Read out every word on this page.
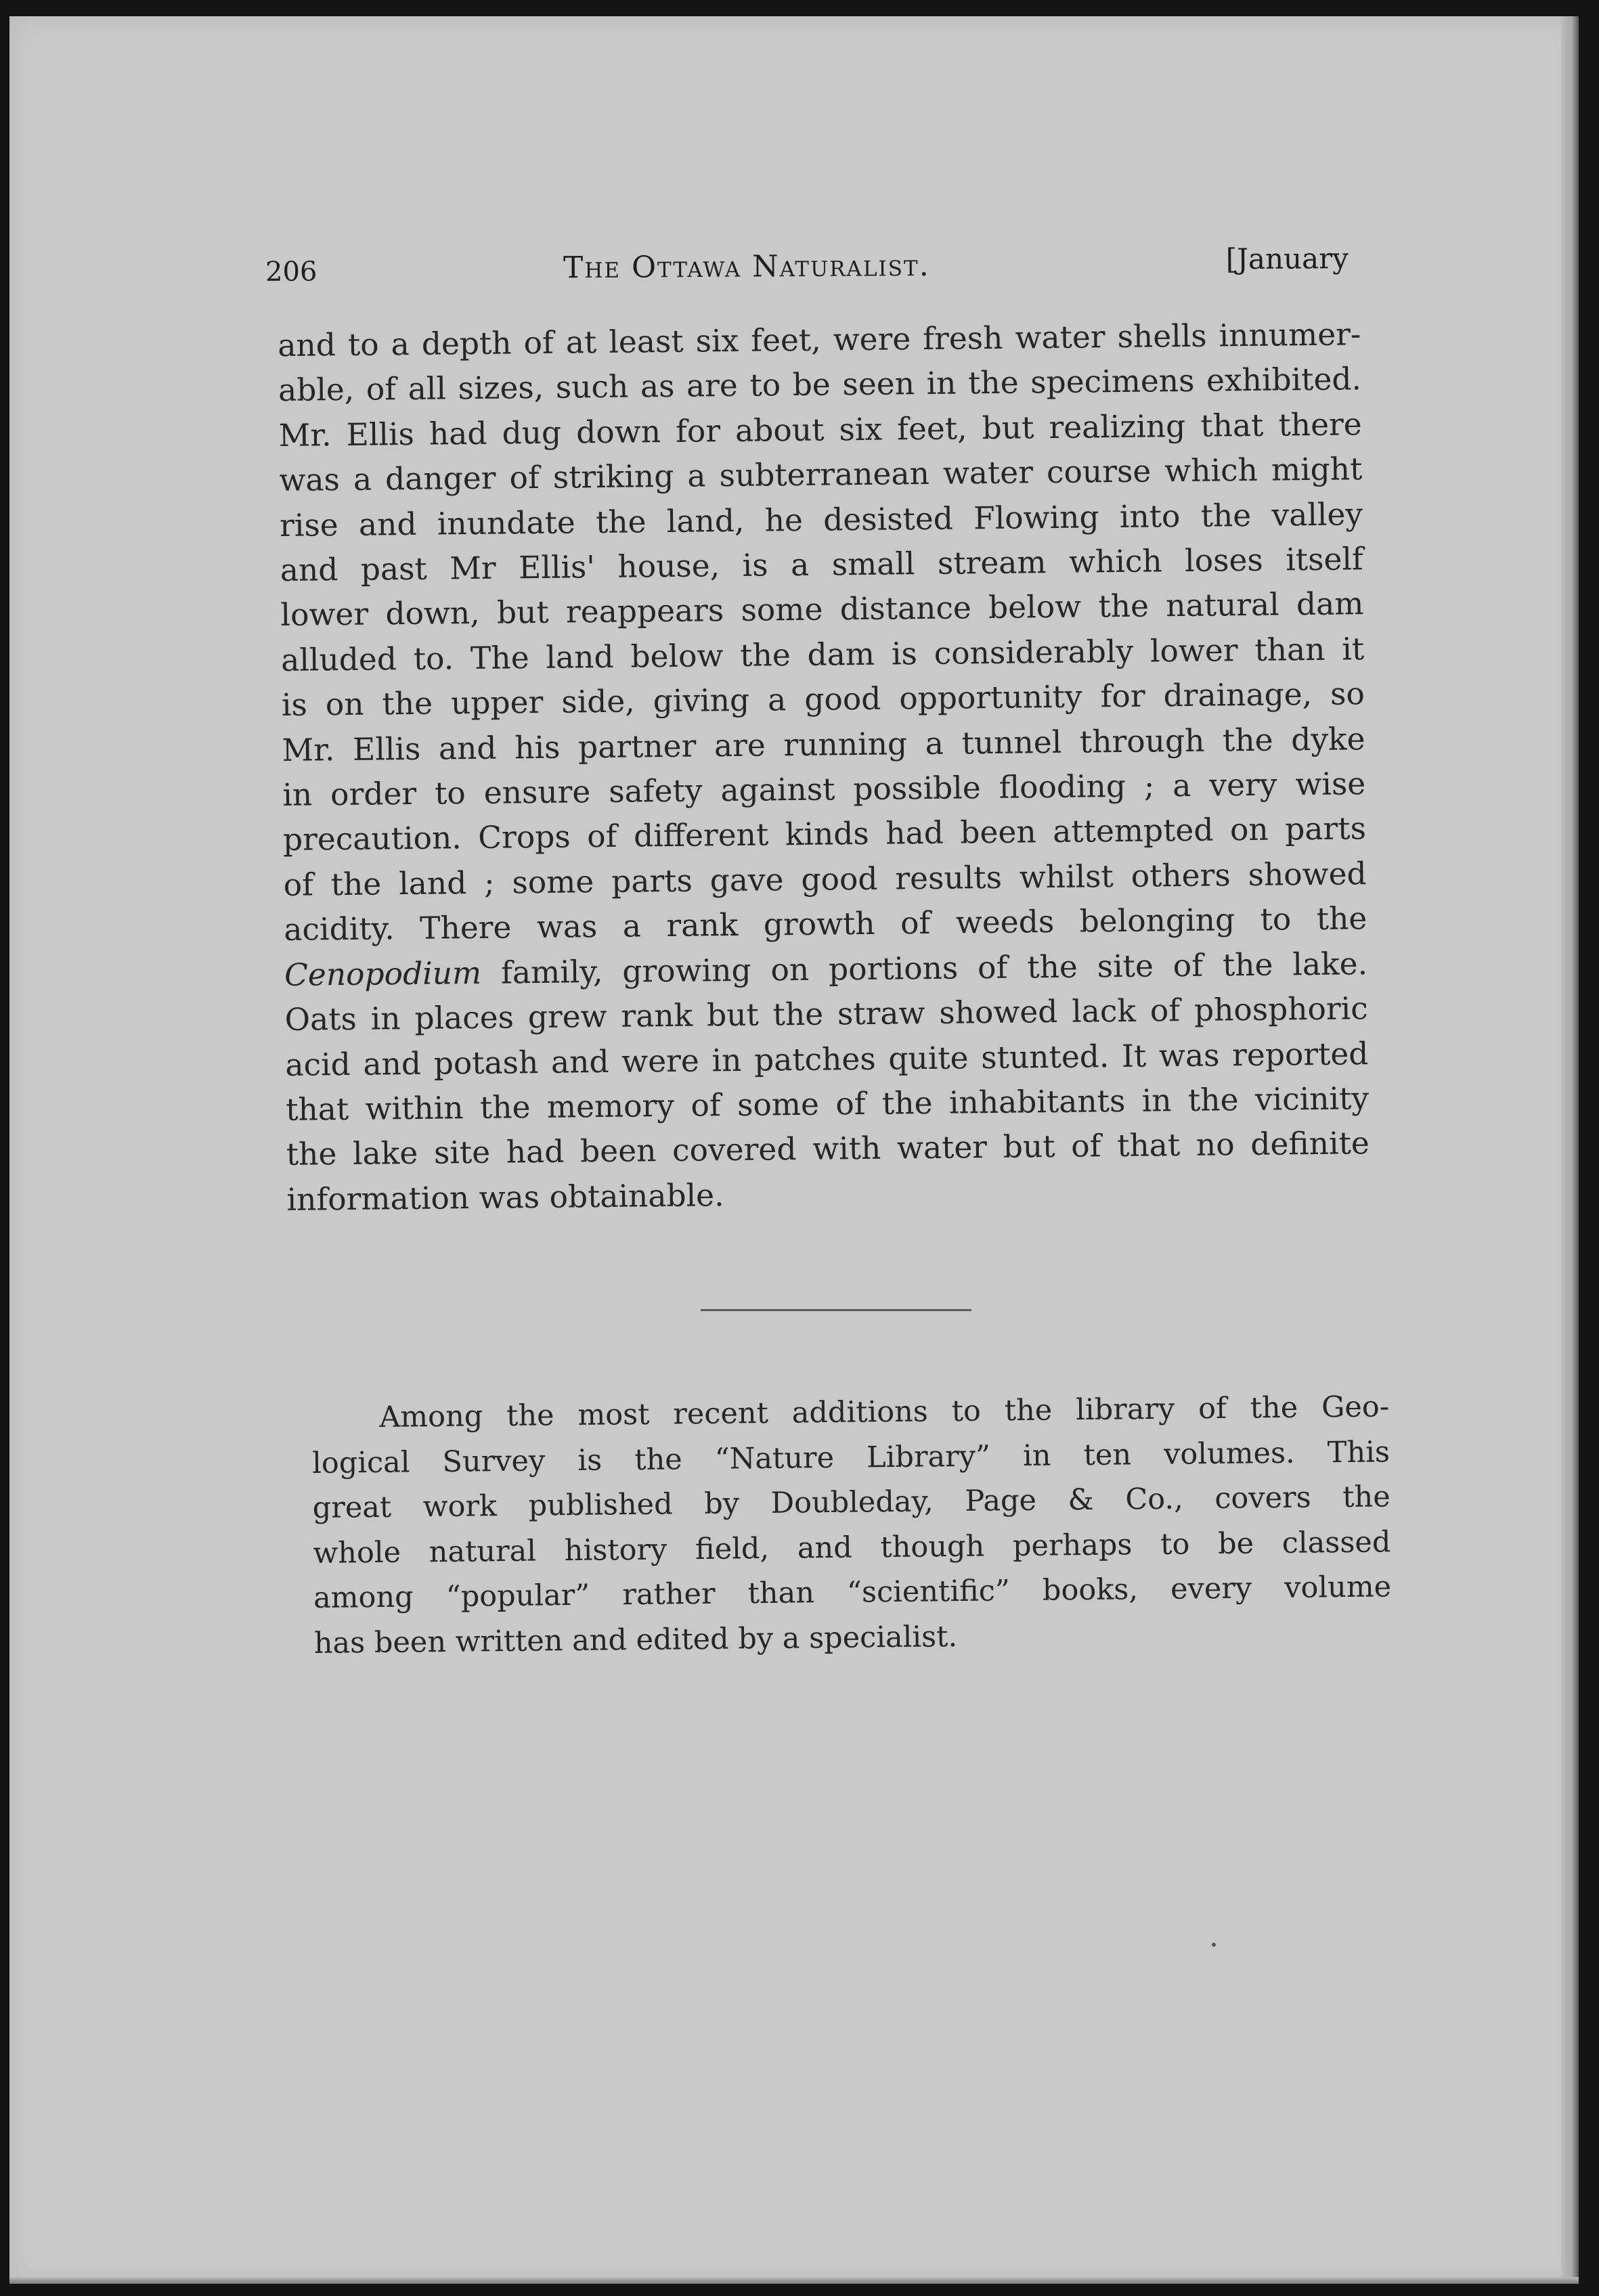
206	The Ottawa Naturalist.	[January
and to a depth of at least six feet, were fresh water shells innumer-
able, of all sizes, such as are to be seen in the specimens exhibited.
Mr. Ellis had dug down for about six feet, but realizing that there
was a danger of striking a subterranean water course which might
rise and inundate the land, he desisted Flowing into the valley
and past Mr Ellis' house, is a small stream which loses itself
lower down, but reappears some distance below the natural dam
alluded to. The land below the dam is considerably lower than it
is on the upper side, giving a good opportunity for drainage, so
Mr. Ellis and his partner are running a tunnel through the dyke
in order to ensure safety against possible flooding ; a very wise
precaution. Crops of different kinds had been attempted on parts
of the land ; some parts gave good results whilst others showed
acidity. There was a rank growth of weeds belonging to the
Cenopodium family, growing on portions of the site of the lake.
Oats in places grew rank but the straw showed lack of phosphoric
acid and potash and were in patches quite stunted. It was reported
that within the memory of some of the inhabitants in the vicinity
the lake site had been covered with water but of that no definite
information was obtainable.
Among the most recent additions to the library of the Geo-
logical Survey is the “Nature Library” in ten volumes. This
great work published by Doubleday, Page & Co., covers the
whole natural history field, and though perhaps to be classed
among “popular” rather than “scientific” books, every volume
has been written and edited by a specialist.
